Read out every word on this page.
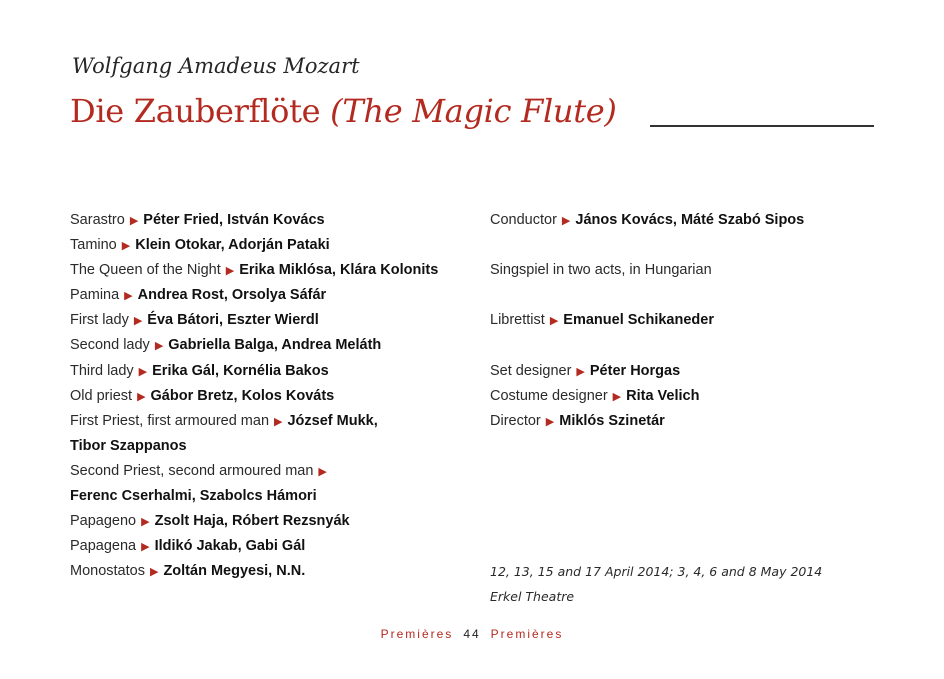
Wolfgang Amadeus Mozart
Die Zauberflöte (The Magic Flute)
Sarastro ▶ Péter Fried, István Kovács
Tamino ▶ Klein Otokar, Adorján Pataki
The Queen of the Night ▶ Erika Miklósa, Klára Kolonits
Pamina ▶ Andrea Rost, Orsolya Sáfár
First lady ▶ Éva Bátori, Eszter Wierdl
Second lady ▶ Gabriella Balga, Andrea Meláth
Third lady ▶ Erika Gál, Kornélia Bakos
Old priest ▶ Gábor Bretz, Kolos Kováts
First Priest, first armoured man ▶ József Mukk,
Tibor Szappanos
Second Priest, second armoured man ▶
Ferenc Cserhalmi, Szabolcs Hámori
Papageno ▶ Zsolt Haja, Róbert Rezsnyák
Papagena ▶ Ildikó Jakab, Gabi Gál
Monostatos ▶ Zoltán Megyesi, N.N.
Conductor ▶ János Kovács, Máté Szabó Sipos
Singspiel in two acts, in Hungarian
Librettist ▶ Emanuel Schikaneder
Set designer ▶ Péter Horgas
Costume designer ▶ Rita Velich
Director ▶ Miklós Szinetár
12, 13, 15 and 17 April 2014; 3, 4, 6 and 8 May 2014
Erkel Theatre
Premières 44 Premières
